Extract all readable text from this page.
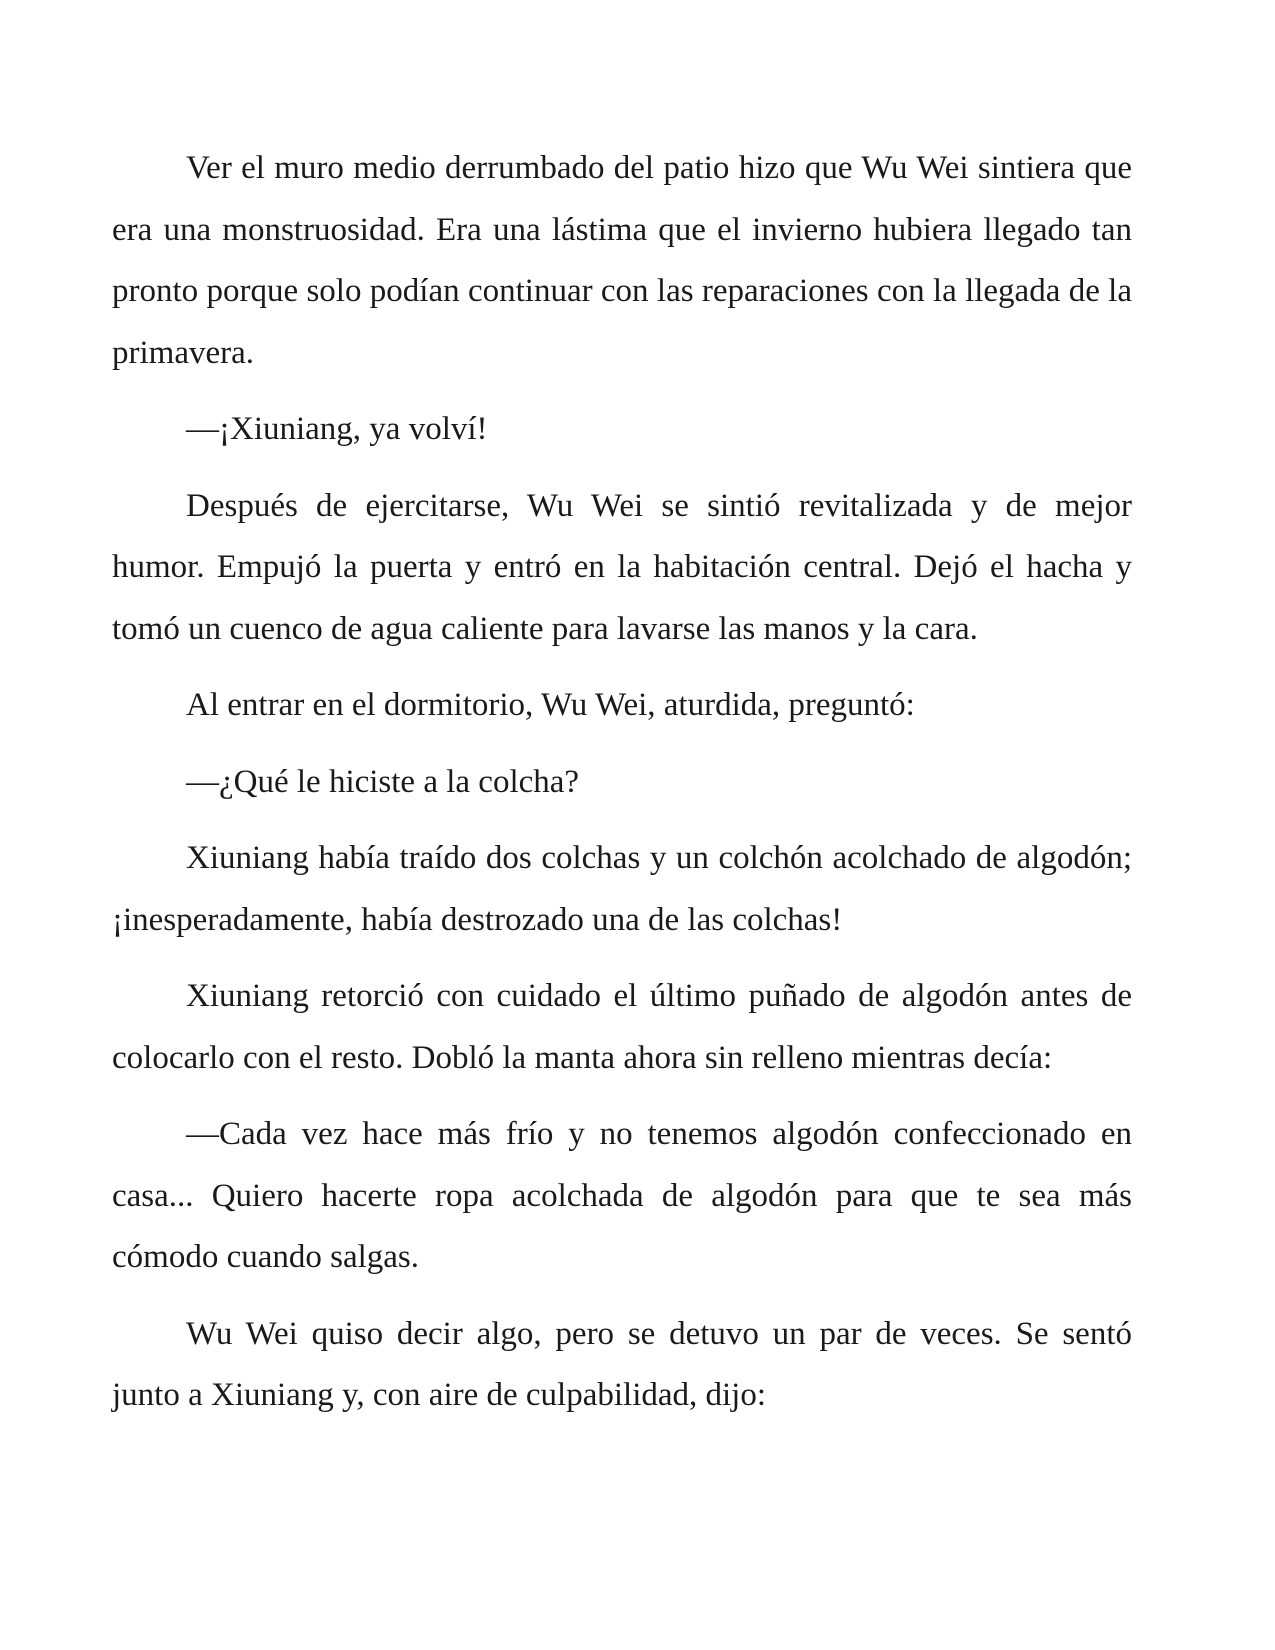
Ver el muro medio derrumbado del patio hizo que Wu Wei sintiera que era una monstruosidad. Era una lástima que el invierno hubiera llegado tan pronto porque solo podían continuar con las reparaciones con la llegada de la primavera.

—¡Xiuniang, ya volví!

Después de ejercitarse, Wu Wei se sintió revitalizada y de mejor humor. Empujó la puerta y entró en la habitación central. Dejó el hacha y tomó un cuenco de agua caliente para lavarse las manos y la cara.

Al entrar en el dormitorio, Wu Wei, aturdida, preguntó:

—¿Qué le hiciste a la colcha?

Xiuniang había traído dos colchas y un colchón acolchado de algodón; ¡inesperadamente, había destrozado una de las colchas!

Xiuniang retorció con cuidado el último puñado de algodón antes de colocarlo con el resto. Dobló la manta ahora sin relleno mientras decía:

—Cada vez hace más frío y no tenemos algodón confeccionado en casa... Quiero hacerte ropa acolchada de algodón para que te sea más cómodo cuando salgas.

Wu Wei quiso decir algo, pero se detuvo un par de veces. Se sentó junto a Xiuniang y, con aire de culpabilidad, dijo:
